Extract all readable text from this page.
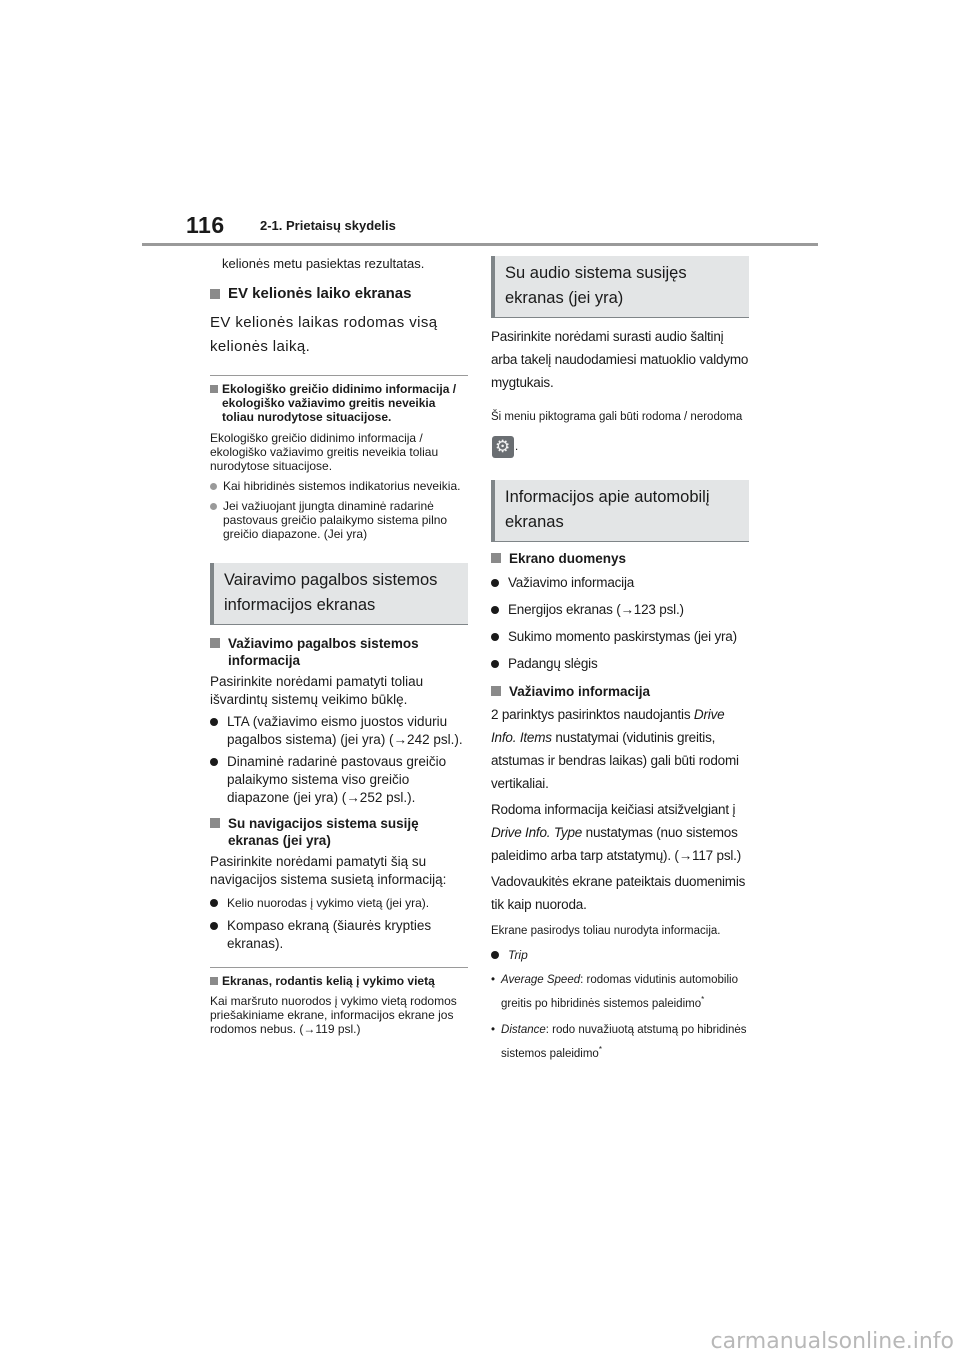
116	2-1. Prietaisų skydelis

kelionės metu pasiektas rezultatas.

EV kelionės laiko ekranas

EV kelionės laikas rodomas visą kelionės laiką.

Ekologiško greičio didinimo informacija / ekologiško važiavimo greitis neveikia toliau nurodytose situacijose.

Ekologiško greičio didinimo informacija / ekologiško važiavimo greitis neveikia toliau nurodytose situacijose.

Kai hibridinės sistemos indikatorius neveikia.
Jei važiuojant įjungta dinaminė radarinė pastovaus greičio palaikymo sistema pilno greičio diapazone. (Jei yra)
Vairavimo pagalbos sistemos informacijos ekranas
Važiavimo pagalbos sistemos informacija

Pasirinkite norėdami pamatyti toliau išvardintų sistemų veikimo būklę.

LTA (važiavimo eismo juostos viduriu pagalbos sistema) (jei yra) (→242 psl.).
Dinaminė radarinė pastovaus greičio palaikymo sistema viso greičio diapazone (jei yra) (→252 psl.).
Su navigacijos sistema susiję ekranas (jei yra)

Pasirinkite norėdami pamatyti šią su navigacijos sistema susietą informaciją:

Kelio nuorodas į vykimo vietą (jei yra).
Kompaso ekraną (šiaurės krypties ekranas).
Ekranas, rodantis kelią į vykimo vietą

Kai maršruto nuorodos į vykimo vietą rodomos priešakiniame ekrane, informacijos ekrane jos rodomos nebus. (→119 psl.)

Su audio sistema susijęs ekranas (jei yra)

Pasirinkite norėdami surasti audio šaltinį arba takelį naudodamiesi matuoklio valdymo mygtukais.

Ši meniu piktograma gali būti rodoma / nerodoma ⚙.

Informacijos apie automobilį ekranas
Ekrano duomenys
Važiavimo informacija
Energijos ekranas (→123 psl.)
Sukimo momento paskirstymas (jei yra)
Padangų slėgis
Važiavimo informacija

2 parinktys pasirinktos naudojantis Drive Info. Items nustatymai (vidutinis greitis, atstumas ir bendras laikas) gali būti rodomi vertikaliai.

Rodoma informacija keičiasi atsižvelgiant į Drive Info. Type nustatymas (nuo sistemos paleidimo arba tarp atstatymų). (→117 psl.)

Vadovaukitės ekrane pateiktais duomenimis tik kaip nuoroda.

Ekrane pasirodys toliau nurodyta informacija.

Trip
• Average Speed: rodomas vidutinis automobilio greitis po hibridinės sistemos paleidimo*
• Distance: rodo nuvažiuotą atstumą po hibridinės sistemos paleidimo*
carmanualsonline.info
